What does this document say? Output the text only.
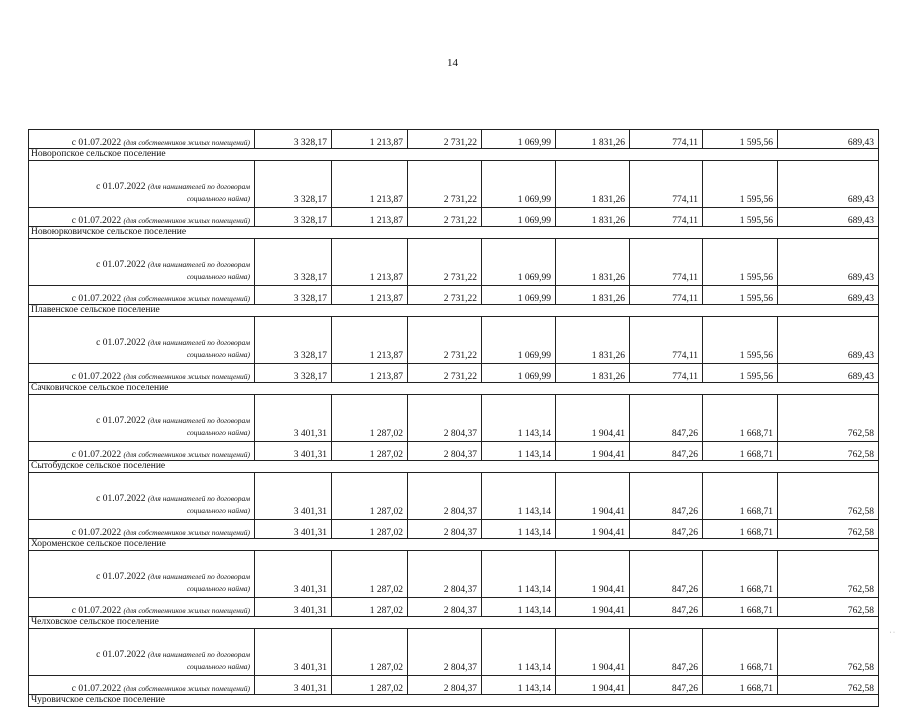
14
с 01.07.2022 (для собственников жилых помещений)	3 328,17	1 213,87	2 731,22	1 069,99	1 831,26	774,11	1 595,56	689,43
Новоропское сельское поселение								

с 01.07.2022 (для нанимателей по договорам
социального найма)	3 328,17	1 213,87	2 731,22	1 069,99	1 831,26	774,11	1 595,56	689,43
с 01.07.2022 (для собственников жилых помещений)	3 328,17	1 213,87	2 731,22	1 069,99	1 831,26	774,11	1 595,56	689,43
Новоюрковичское сельское поселение								

с 01.07.2022 (для нанимателей по договорам
социального найма)	3 328,17	1 213,87	2 731,22	1 069,99	1 831,26	774,11	1 595,56	689,43
с 01.07.2022 (для собственников жилых помещений)	3 328,17	1 213,87	2 731,22	1 069,99	1 831,26	774,11	1 595,56	689,43
Плавенское сельское поселение								

с 01.07.2022 (для нанимателей по договорам
социального найма)	3 328,17	1 213,87	2 731,22	1 069,99	1 831,26	774,11	1 595,56	689,43
с 01.07.2022 (для собственников жилых помещений)	3 328,17	1 213,87	2 731,22	1 069,99	1 831,26	774,11	1 595,56	689,43
Сачковичское сельское поселение								

с 01.07.2022 (для нанимателей по договорам
социального найма)	3 401,31	1 287,02	2 804,37	1 143,14	1 904,41	847,26	1 668,71	762,58
с 01.07.2022 (для собственников жилых помещений)	3 401,31	1 287,02	2 804,37	1 143,14	1 904,41	847,26	1 668,71	762,58
Сытобудское сельское поселение								

с 01.07.2022 (для нанимателей по договорам
социального найма)	3 401,31	1 287,02	2 804,37	1 143,14	1 904,41	847,26	1 668,71	762,58
с 01.07.2022 (для собственников жилых помещений)	3 401,31	1 287,02	2 804,37	1 143,14	1 904,41	847,26	1 668,71	762,58
Хороменское сельское поселение								

с 01.07.2022 (для нанимателей по договорам
социального найма)	3 401,31	1 287,02	2 804,37	1 143,14	1 904,41	847,26	1 668,71	762,58
с 01.07.2022 (для собственников жилых помещений)	3 401,31	1 287,02	2 804,37	1 143,14	1 904,41	847,26	1 668,71	762,58
Челховское сельское поселение								

с 01.07.2022 (для нанимателей по договорам
социального найма)	3 401,31	1 287,02	2 804,37	1 143,14	1 904,41	847,26	1 668,71	762,58
с 01.07.2022 (для собственников жилых помещений)	3 401,31	1 287,02	2 804,37	1 143,14	1 904,41	847,26	1 668,71	762,58
Чуровичское сельское поселение								
· ·
